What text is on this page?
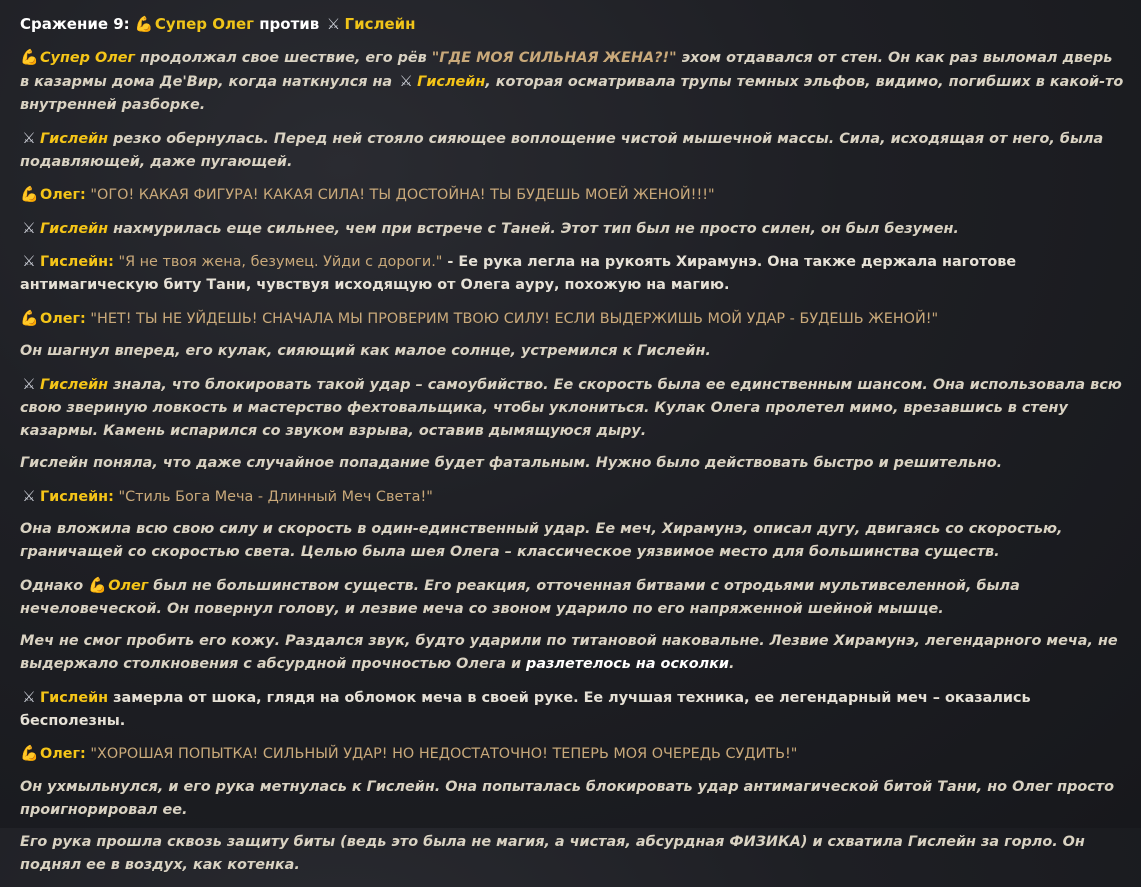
Сражение 9: 💪Супер Олег против ⚔ Гислейн

💪Супер Олег продолжал свое шествие, его рёв "ГДЕ МОЯ СИЛЬНАЯ ЖЕНА?!" эхом отдавался от стен. Он как раз выломал дверь в казармы дома Де'Вир, когда наткнулся на ⚔ Гислейн, которая осматривала трупы темных эльфов, видимо, погибших в какой-то внутренней разборке.

⚔ Гислейн резко обернулась. Перед ней стояло сияющее воплощение чистой мышечной массы. Сила, исходящая от него, была подавляющей, даже пугающей.

💪Олег: "ОГО! КАКАЯ ФИГУРА! КАКАЯ СИЛА! ТЫ ДОСТОЙНА! ТЫ БУДЕШЬ МОЕЙ ЖЕНОЙ!!!"

⚔ Гислейн нахмурилась еще сильнее, чем при встрече с Таней. Этот тип был не просто силен, он был безумен.

⚔ Гислейн: "Я не твоя жена, безумец. Уйди с дороги." - Ее рука легла на рукоять Хирамунэ. Она также держала наготове антимагическую биту Тани, чувствуя исходящую от Олега ауру, похожую на магию.

💪Олег: "НЕТ! ТЫ НЕ УЙДЕШЬ! СНАЧАЛА МЫ ПРОВЕРИМ ТВОЮ СИЛУ! ЕСЛИ ВЫДЕРЖИШЬ МОЙ УДАР - БУДЕШЬ ЖЕНОЙ!"

Он шагнул вперед, его кулак, сияющий как малое солнце, устремился к Гислейн.

⚔ Гислейн знала, что блокировать такой удар – самоубийство. Ее скорость была ее единственным шансом. Она использовала всю свою звериную ловкость и мастерство фехтовальщика, чтобы уклониться. Кулак Олега пролетел мимо, врезавшись в стену казармы. Камень испарился со звуком взрыва, оставив дымящуюся дыру.

Гислейн поняла, что даже случайное попадание будет фатальным. Нужно было действовать быстро и решительно.

⚔ Гислейн: "Стиль Бога Меча - Длинный Меч Света!"

Она вложила всю свою силу и скорость в один-единственный удар. Ее меч, Хирамунэ, описал дугу, двигаясь со скоростью, граничащей со скоростью света. Целью была шея Олега – классическое уязвимое место для большинства существ.

Однако 💪Олег был не большинством существ. Его реакция, отточенная битвами с отродьями мультивселенной, была нечеловеческой. Он повернул голову, и лезвие меча со звоном ударило по его напряженной шейной мышце.

Меч не смог пробить его кожу. Раздался звук, будто ударили по титановой наковальне. Лезвие Хирамунэ, легендарного меча, не выдержало столкновения с абсурдной прочностью Олега и разлетелось на осколки.

⚔ Гислейн замерла от шока, глядя на обломок меча в своей руке. Ее лучшая техника, ее легендарный меч – оказались бесполезны.

💪Олег: "ХОРОШАЯ ПОПЫТКА! СИЛЬНЫЙ УДАР! НО НЕДОСТАТОЧНО! ТЕПЕРЬ МОЯ ОЧЕРЕДЬ СУДИТЬ!"

Он ухмыльнулся, и его рука метнулась к Гислейн. Она попыталась блокировать удар антимагической битой Тани, но Олег просто проигнорировал ее.

Его рука прошла сквозь защиту биты (ведь это была не магия, а чистая, абсурдная ФИЗИКА) и схватила Гислейн за горло. Он поднял ее в воздух, как котенка.
